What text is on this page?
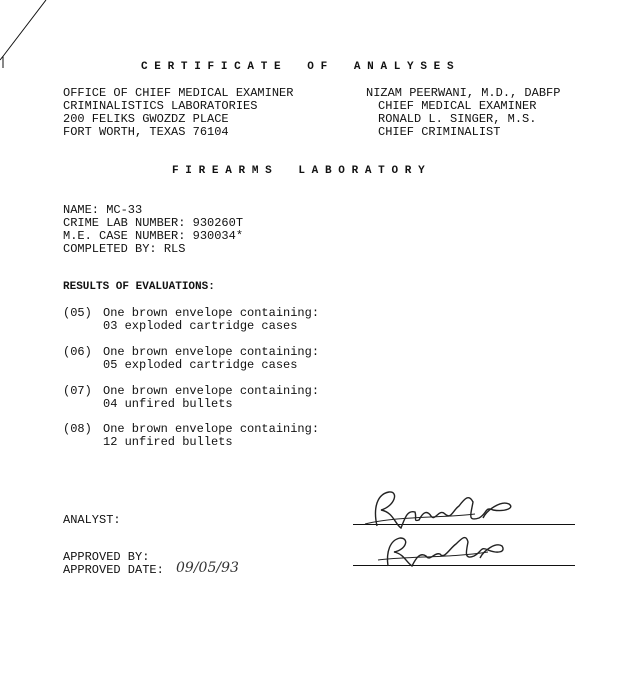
C E R T I F I C A T E    O F    A N A L Y S E S
OFFICE OF CHIEF MEDICAL EXAMINER
CRIMINALISTICS LABORATORIES
200 FELIKS GWOZDZ PLACE
FORT WORTH, TEXAS 76104
NIZAM PEERWANI, M.D., DABFP
CHIEF MEDICAL EXAMINER
RONALD L. SINGER, M.S.
CHIEF CRIMINALIST
F I R E A R M S    L A B O R A T O R Y
NAME: MC-33
CRIME LAB NUMBER: 930260T
M.E. CASE NUMBER: 930034*
COMPLETED BY: RLS
RESULTS OF EVALUATIONS:
(05) One brown envelope containing:
03 exploded cartridge cases
(06) One brown envelope containing:
05 exploded cartridge cases
(07) One brown envelope containing:
04 unfired bullets
(08) One brown envelope containing:
12 unfired bullets
ANALYST:
APPROVED BY:
APPROVED DATE: 09/05/93
